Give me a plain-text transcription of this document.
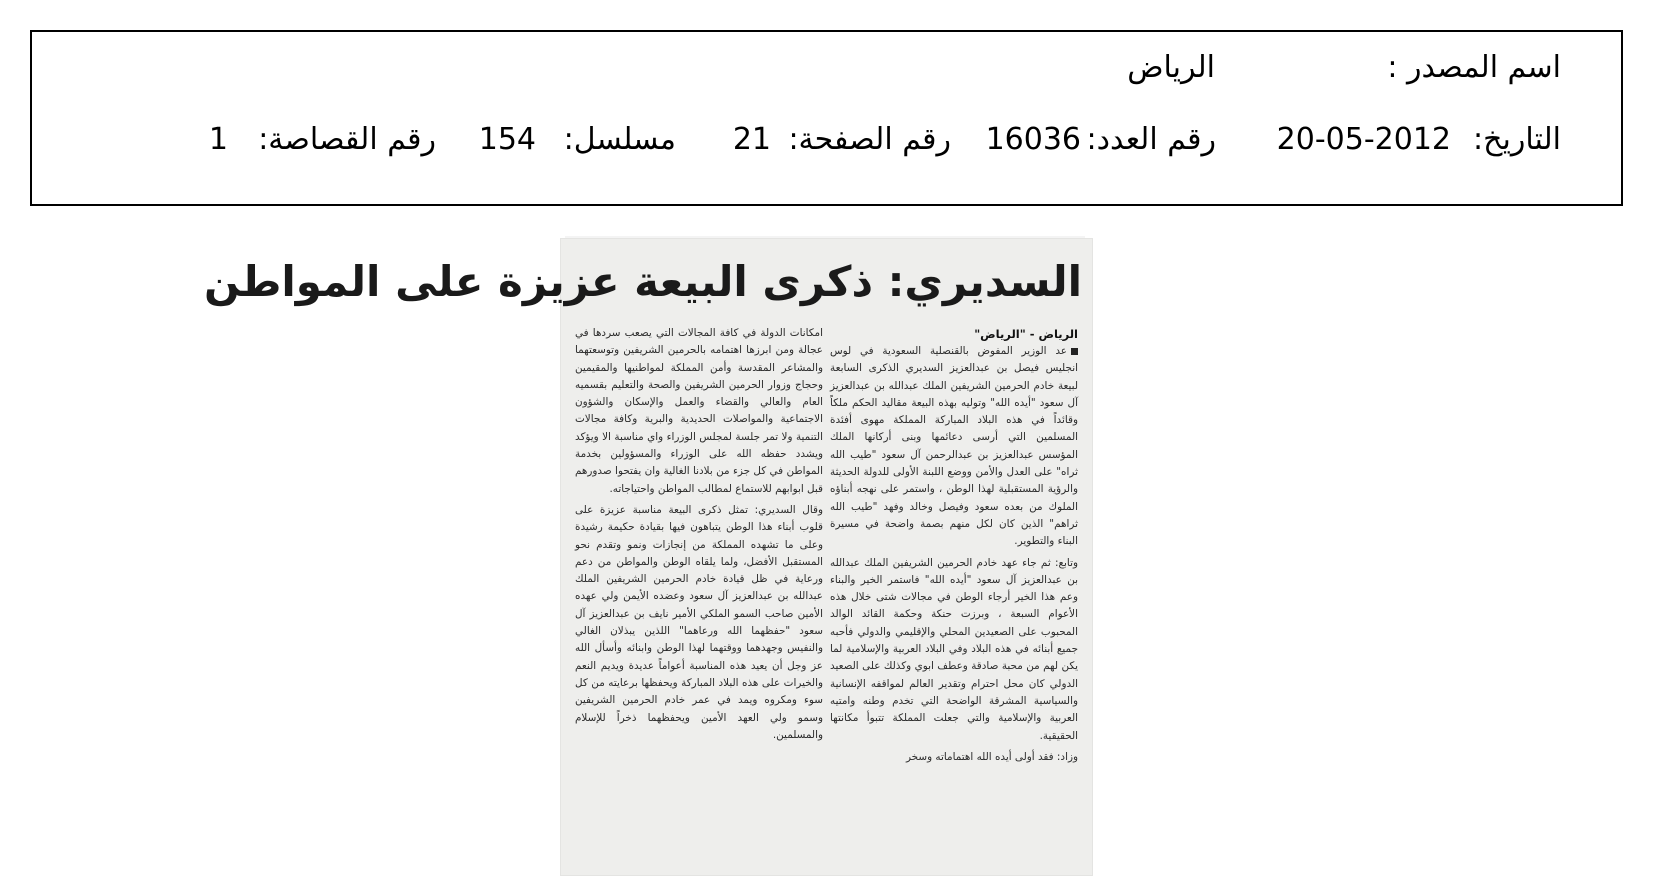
اسم المصدر :
الرياض
التاريخ:
20-05-2012
رقم العدد:
16036
رقم الصفحة:
21
مسلسل:
154
رقم القصاصة:
1
السديري: ذكرى البيعة عزيزة على المواطن
الرياض - "الرياض"

عد الوزير المفوض بالقنصلية السعودية في لوس انجليس فيصل بن عبدالعزيز السديري الذكرى السابعة لبيعة خادم الحرمين الشريفين الملك عبدالله بن عبدالعزيز آل سعود "أيده الله" وتوليه بهذه البيعة مقاليد الحكم ملكاً وقائداً في هذه البلاد المباركة المملكة مهوى أفئدة المسلمين التي أرسى دعائمها وبنى أركانها الملك المؤسس عبدالعزيز بن عبدالرحمن آل سعود "طيب الله ثراه" على العدل والأمن ووضع اللبنة الأولى للدولة الحديثة والرؤية المستقبلية لهذا الوطن ، واستمر على نهجه أبناؤه الملوك من بعده سعود وفيصل وخالد وفهد "طيب الله ثراهم" الذين كان لكل منهم بصمة واضحة في مسيرة البناء والتطوير.

وتابع: ثم جاء عهد خادم الحرمين الشريفين الملك عبدالله بن عبدالعزيز آل سعود "أيده الله" فاستمر الخير والبناء وعم هذا الخير أرجاء الوطن في مجالات شتى خلال هذه الأعوام السبعة ، وبرزت حنكة وحكمة القائد الوالد المحبوب على الصعيدين المحلي والإقليمي والدولي فأحبه جميع أبنائه في هذه البلاد وفي البلاد العربية والإسلامية لما يكن لهم من محبة صادقة وعطف ابوي وكذلك على الصعيد الدولي كان محل احترام وتقدير العالم لمواقفه الإنسانية والسياسية المشرقة الواضحة التي تخدم وطنه وامتيه العربية والإسلامية والتي جعلت المملكة تتبوأ مكانتها الحقيقية.

وزاد: فقد أولى أيده الله اهتماماته وسخر

امكانات الدولة في كافة المجالات التي يصعب سردها في عجالة ومن ابرزها اهتمامه بالحرمين الشريفين وتوسعتهما والمشاعر المقدسة وأمن المملكة لمواطنيها والمقيمين وحجاج وزوار الحرمين الشريفين والصحة والتعليم بقسميه العام والعالي والقضاء والعمل والإسكان والشؤون الاجتماعية والمواصلات الحديدية والبرية وكافة مجالات التنمية ولا تمر جلسة لمجلس الوزراء واي مناسبة الا ويؤكد ويشدد حفظه الله على الوزراء والمسؤولين بخدمة المواطن في كل جزء من بلادنا الغالية وان يفتحوا صدورهم قبل ابوابهم للاستماع لمطالب المواطن واحتياجاته.

وقال السديري: تمثل ذكرى البيعة مناسبة عزيزة على قلوب أبناء هذا الوطن يتباهون فيها بقيادة حكيمة رشيدة وعلى ما تشهده المملكة من إنجازات ونمو وتقدم نحو المستقبل الأفضل، ولما يلقاه الوطن والمواطن من دعم ورعاية في ظل قيادة خادم الحرمين الشريفين الملك عبدالله بن عبدالعزيز آل سعود وعضده الأيمن ولي عهده الأمين صاحب السمو الملكي الأمير نايف بن عبدالعزيز آل سعود "حفظهما الله ورعاهما" اللذين يبذلان الغالي والنفيس وجهدهما ووقتهما لهذا الوطن وابنائه وأسأل الله عز وجل أن يعيد هذه المناسبة أعواماً عديدة ويديم النعم والخيرات على هذه البلاد المباركة ويحفظها برعايته من كل سوء ومكروه ويمد في عمر خادم الحرمين الشريفين وسمو ولي العهد الأمين ويحفظهما ذخراً للإسلام والمسلمين.
